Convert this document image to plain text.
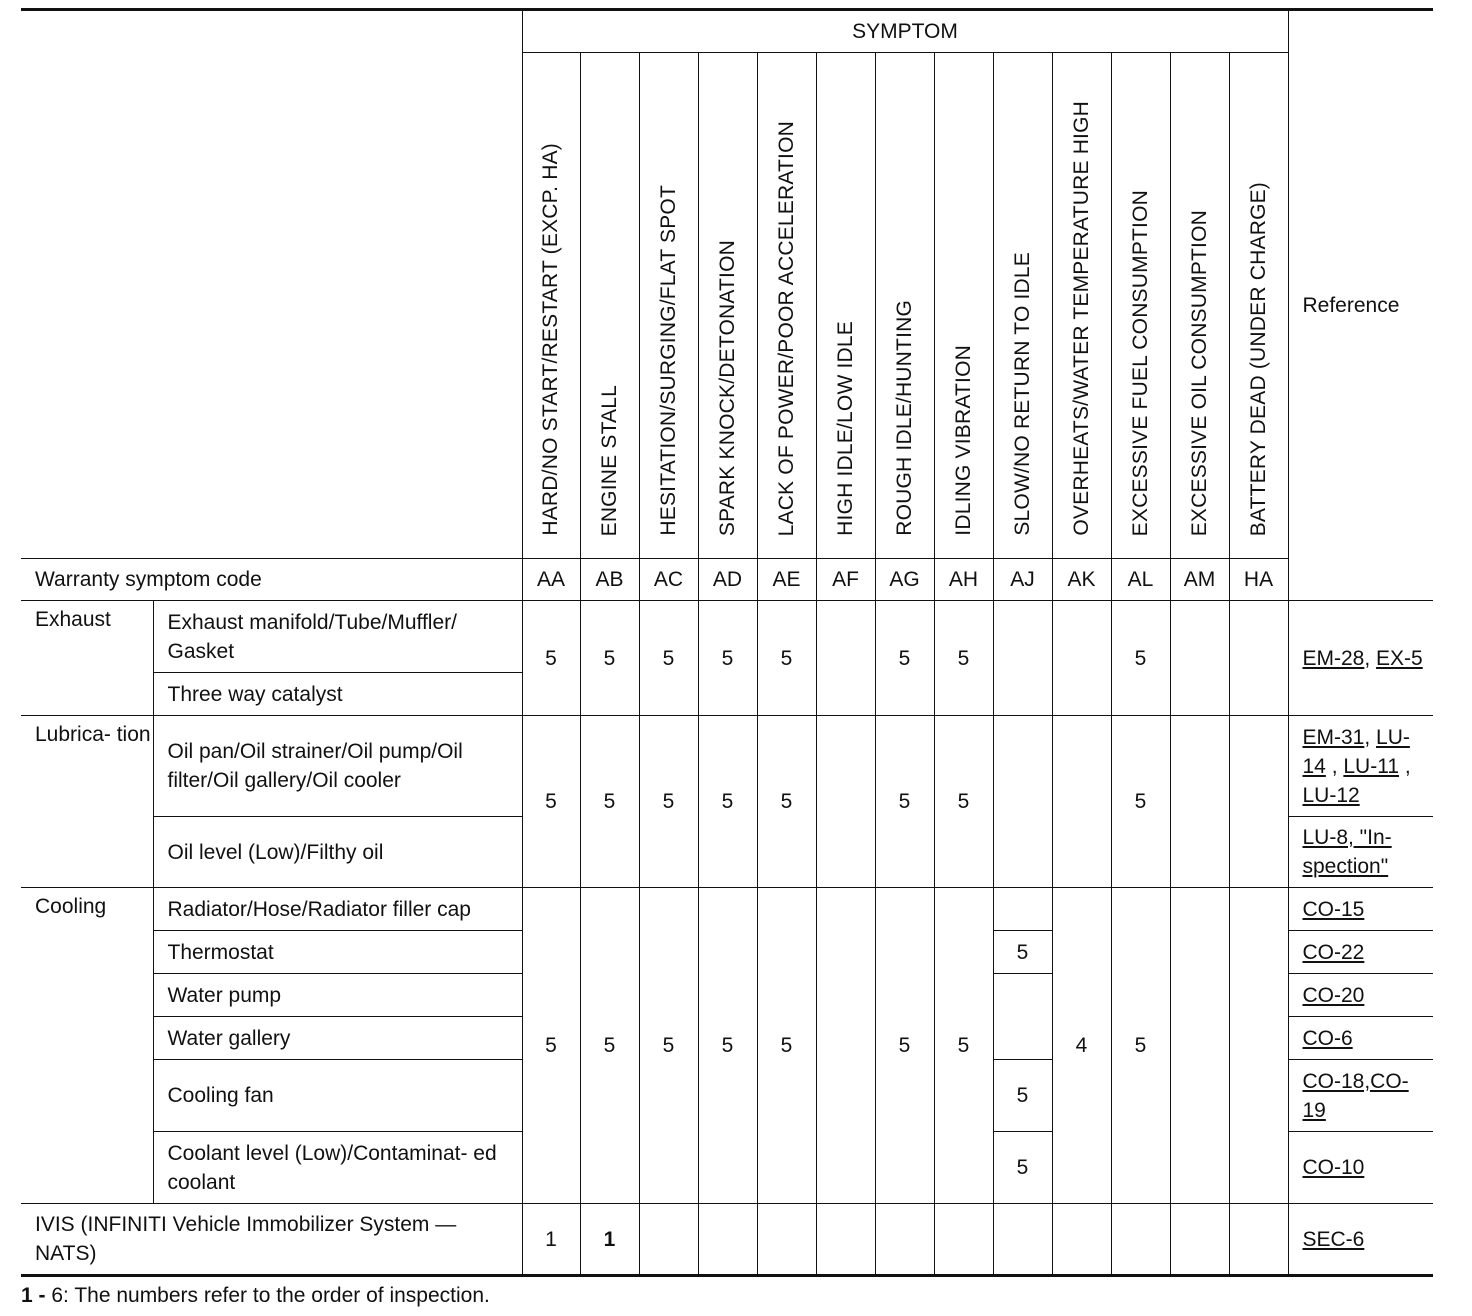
		SYMPTOM													Reference
		HARD/NO START/RESTART (EXCP. HA)	ENGINE STALL	HESITATION/SURGING/FLAT SPOT	SPARK KNOCK/DETONATION	LACK OF POWER/POOR ACCELERATION	HIGH IDLE/LOW IDLE	ROUGH IDLE/HUNTING	IDLING VIBRATION	SLOW/NO RETURN TO IDLE	OVERHEATS/WATER TEMPERATURE HIGH	EXCESSIVE FUEL CONSUMPTION	EXCESSIVE OIL CONSUMPTION	BATTERY DEAD (UNDER CHARGE)	
Warranty symptom code		AA	AB	AC	AD	AE	AF	AG	AH	AJ	AK	AL	AM	HA	
Exhaust	Exhaust manifold/Tube/Muffler/ Gasket	5	5	5	5	5		5	5			5			EM-28, EX-5
	Three way catalyst														
Lubrica- tion	Oil pan/Oil strainer/Oil pump/Oil filter/Oil gallery/Oil cooler	5	5	5	5	5		5	5			5			EM-31, LU-14 , LU-11 , LU-12
	Oil level (Low)/Filthy oil														LU-8, "In- spection"
Cooling	Radiator/Hose/Radiator filler cap	5	5	5	5	5		5	5		4	5			CO-15
	Thermostat									5					CO-22
	Water pump														CO-20
	Water gallery														CO-6
	Cooling fan									5					CO-18,CO-19
	Coolant level (Low)/Contaminat- ed coolant									5					CO-10
IVIS (INFINITI Vehicle Immobilizer System — NATS)		1	1												SEC-6
1 - 6: The numbers refer to the order of inspection.
